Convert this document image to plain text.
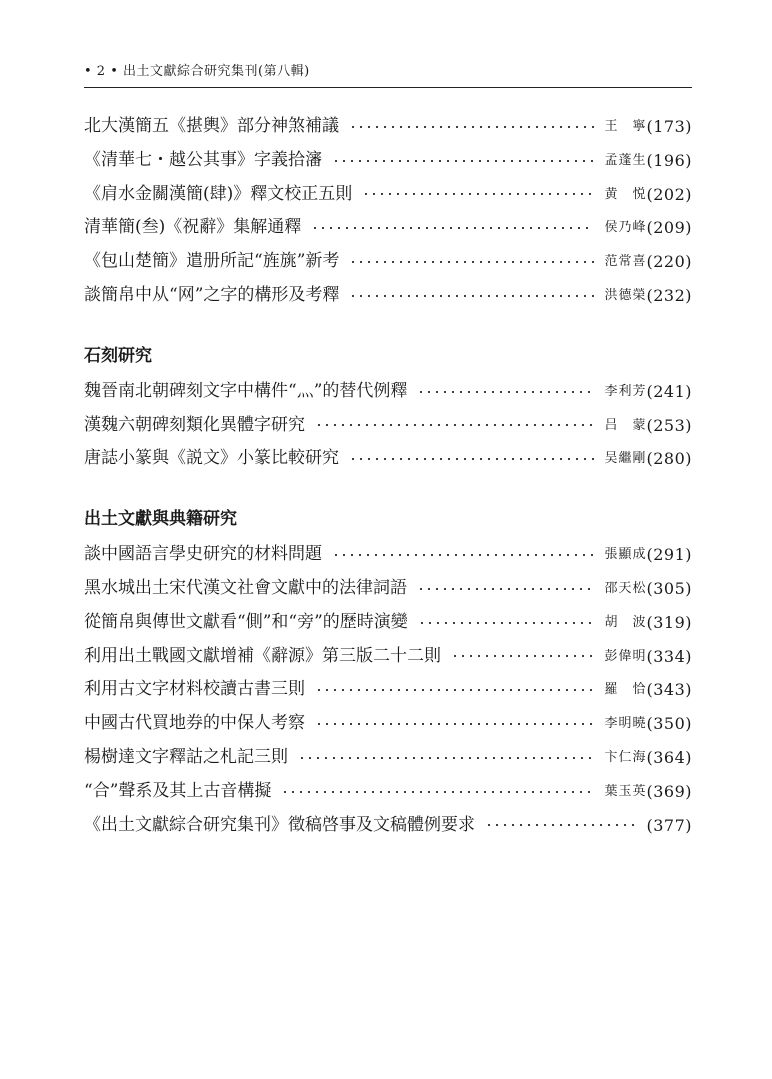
• 2 • 出土文獻綜合研究集刊(第八輯)
北大漢簡五《揕輿》部分神煞補議	王　寧 (173)
《清華七・越公其事》字義拾瀋	孟蓬生 (196)
《肩水金關漢簡(肆)》釋文校正五則	黄　悦 (202)
清華簡(叁)《祝辭》集解通釋	侯乃峰 (209)
《包山楚簡》遣册所記“旌旐”新考	范常喜 (220)
談簡帛中从“网”之字的構形及考釋	洪德榮 (232)
石刻研究
魏晉南北朝碑刻文字中構件“灬”的替代例釋	李利芳 (241)
漢魏六朝碑刻類化異體字研究	吕　蒙 (253)
唐誌小篆與《説文》小篆比較研究	吴繼剛 (280)
出土文獻與典籍研究
談中國語言學史研究的材料問題	張顯成 (291)
黑水城出土宋代漢文社會文獻中的法律詞語	邵天松 (305)
從簡帛與傳世文獻看“側”和“旁”的歷時演變	胡　波 (319)
利用出土戰國文獻增補《辭源》第三版二十二則	彭偉明 (334)
利用古文字材料校讀古書三則	羅　恰 (343)
中國古代買地券的中保人考察	李明曉 (350)
楊樹達文字釋詁之札記三則	卞仁海 (364)
“合”聲系及其上古音構擬	葉玉英 (369)
《出土文獻綜合研究集刊》徵稿啓事及文稿體例要求	(377)
